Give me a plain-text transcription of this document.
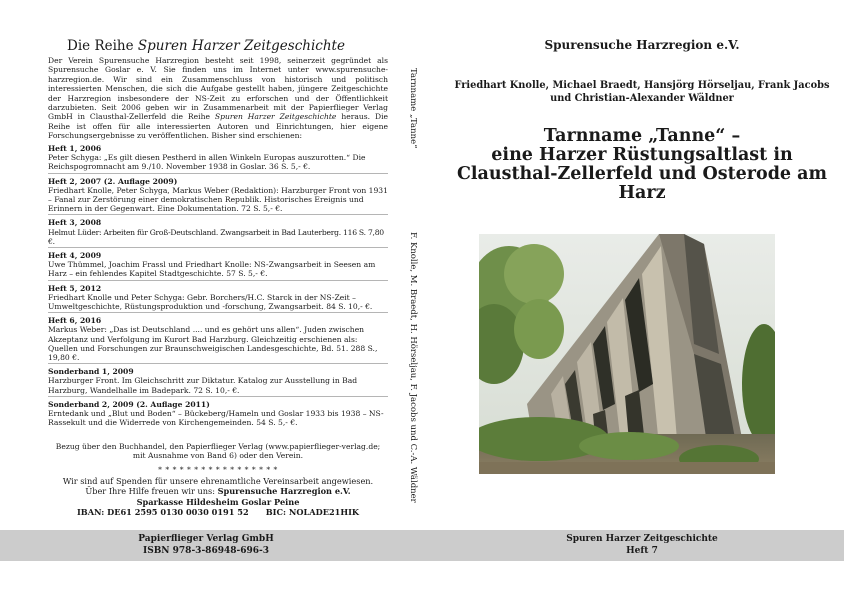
Die Reihe Spuren Harzer Zeitgeschichte
Der Verein Spurensuche Harzregion besteht seit 1998, seinerzeit gegründet als Spurensuche Goslar e. V. Sie finden uns im Internet unter www.spurensuche-harzregion.de. Wir sind ein Zusammenschluss von historisch und politisch interessierten Menschen, die sich die Aufgabe gestellt haben, jüngere Zeitgeschichte der Harzregion insbesondere der NS-Zeit zu erforschen und der Öffentlichkeit darzubieten. Seit 2006 geben wir in Zusammenarbeit mit der Papierflieger Verlag GmbH in Clausthal-Zellerfeld die Reihe Spuren Harzer Zeitgeschichte heraus. Die Reihe ist offen für alle interessierten Autoren und Einrichtungen, hier eigene Forschungsergebnisse zu veröffentlichen. Bisher sind erschienen:
Heft 1, 2006
Peter Schyga: „Es gilt diesen Pestherd in allen Winkeln Europas auszurotten.“ Die Reichspogromnacht am 9./10. November 1938 in Goslar. 36 S. 5,- €.
Heft 2, 2007 (2. Auflage 2009)
Friedhart Knolle, Peter Schyga, Markus Weber (Redaktion): Harzburger Front von 1931 – Fanal zur Zerstörung einer demokratischen Republik. Historisches Ereignis und Erinnern in der Gegenwart. Eine Dokumentation. 72 S. 5,- €.
Heft 3, 2008
Helmut Lüder: Arbeiten für Groß-Deutschland. Zwangsarbeit in Bad Lauterberg. 116 S. 7,80 €.
Heft 4, 2009
Uwe Thümmel, Joachim Frassl und Friedhart Knolle: NS-Zwangsarbeit in Seesen am Harz – ein fehlendes Kapitel Stadtgeschichte. 57 S. 5,- €.
Heft 5, 2012
Friedhart Knolle und Peter Schyga: Gebr. Borchers/H.C. Starck in der NS-Zeit – Umweltgeschichte, Rüstungsproduktion und -forschung, Zwangsarbeit. 84 S. 10,- €.
Heft 6, 2016
Markus Weber: „Das ist Deutschland .... und es gehört uns allen“. Juden zwischen Akzeptanz und Verfolgung im Kurort Bad Harzburg. Gleichzeitig erschienen als: Quellen und Forschungen zur Braunschweigischen Landesgeschichte, Bd. 51. 288 S., 19,80 €.
Sonderband 1, 2009
Harzburger Front. Im Gleichschritt zur Diktatur. Katalog zur Ausstellung in Bad Harzburg, Wandelhalle im Badepark. 72 S. 10,- €.
Sonderband 2, 2009 (2. Auflage 2011)
Erntedank und „Blut und Boden“ – Bückeberg/Hameln und Goslar 1933 bis 1938 – NS-Rassekult und die Widerrede von Kirchengemeinden. 54 S. 5,- €.
Bezug über den Buchhandel, den Papierflieger Verlag (www.papierflieger-verlag.de;
mit Ausnahme von Band 6) oder den Verein.
* * * * * * * * * * * * * * * * *
Wir sind auf Spenden für unsere ehrenamtliche Vereinsarbeit angewiesen.
Über Ihre Hilfe freuen wir uns: Spurensuche Harzregion e.V.
Sparkasse Hildesheim Goslar Peine
IBAN: DE61 2595 0130 0030 0191 52      BIC: NOLADE21HIK
Tarnname „Tanne“
F. Knolle, M. Braedt, H. Hörseljau, F. Jacobs und C.-A. Wäldner
Spurensuche Harzregion e.V.
Friedhart Knolle, Michael Braedt, Hansjörg Hörseljau, Frank Jacobs
und Christian-Alexander Wäldner
Tarnname „Tanne“ –
eine Harzer Rüstungsaltlast in
Clausthal-Zellerfeld und Osterode am Harz
Papierflieger Verlag GmbH
ISBN 978-3-86948-696-3
Spuren Harzer Zeitgeschichte
Heft 7
